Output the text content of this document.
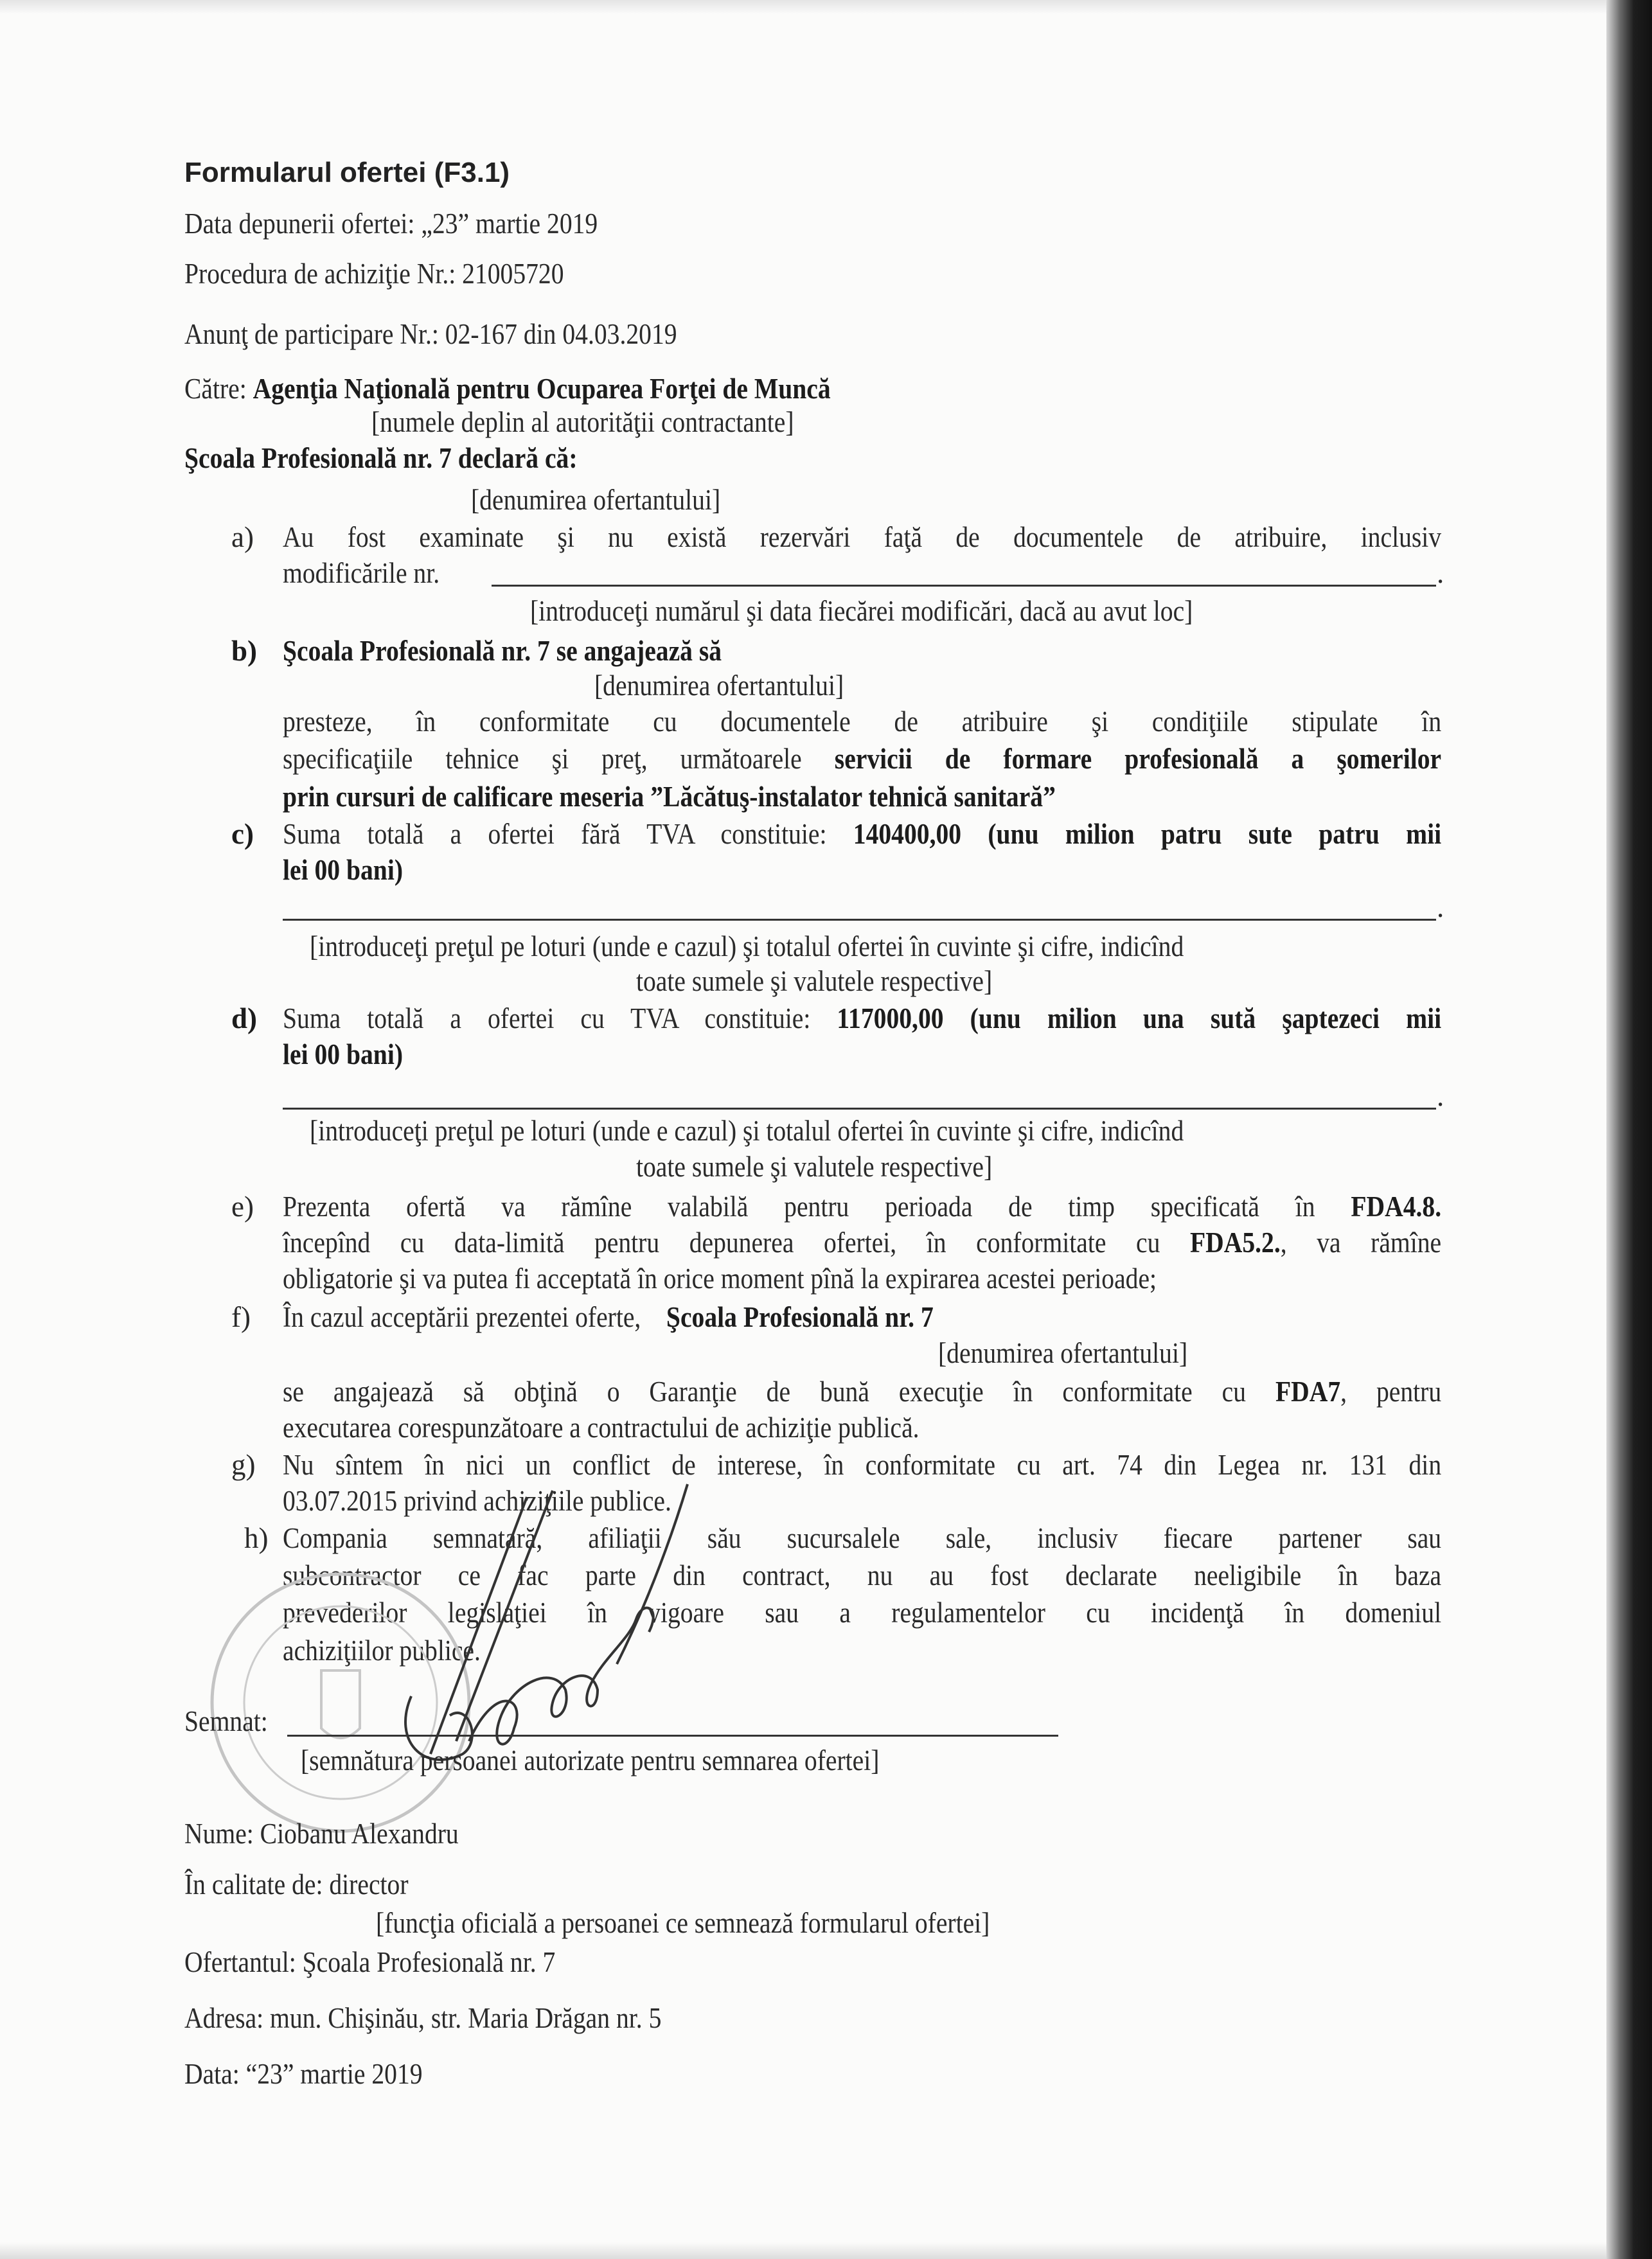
Formularul ofertei (F3.1)
Data depunerii ofertei: „23” martie 2019
Procedura de achiziţie Nr.: 21005720
Anunţ de participare Nr.: 02-167 din 04.03.2019
Către: Agenţia Naţională pentru Ocuparea Forţei de Muncă
[numele deplin al autorităţii contractante]
Şcoala Profesională nr. 7 declară că:
[denumirea ofertantului]
a) Au fost examinate şi nu există rezervări faţă de documentele de atribuire, inclusiv
modificările nr.	.
[introduceţi numărul şi data fiecărei modificări, dacă au avut loc]
b) Şcoala Profesională nr. 7 se angajează să
[denumirea ofertantului]
presteze, în conformitate cu documentele de atribuire şi condiţiile stipulate în
specificaţiile tehnice şi preţ, următoarele servicii de formare profesională a şomerilor
prin cursuri de calificare meseria ”Lăcătuş-instalator tehnică sanitară”
c) Suma totală a ofertei fără TVA constituie: 140400,00 (unu milion patru sute patru mii
lei 00 bani)
.
[introduceţi preţul pe loturi (unde e cazul) şi totalul ofertei în cuvinte şi cifre, indicînd
toate sumele şi valutele respective]
d) Suma totală a ofertei cu TVA constituie: 117000,00 (unu milion una sută şaptezeci mii
lei 00 bani)
.
[introduceţi preţul pe loturi (unde e cazul) şi totalul ofertei în cuvinte şi cifre, indicînd
toate sumele şi valutele respective]
e) Prezenta ofertă va rămîne valabilă pentru perioada de timp specificată în FDA4.8.
începînd cu data-limită pentru depunerea ofertei, în conformitate cu FDA5.2., va rămîne
obligatorie şi va putea fi acceptată în orice moment pînă la expirarea acestei perioade;
f) În cazul acceptării prezentei oferte, Şcoala Profesională nr. 7
[denumirea ofertantului]
se angajează să obţină o Garanţie de bună execuţie în conformitate cu FDA7, pentru
executarea corespunzătoare a contractului de achiziţie publică.
g) Nu sîntem în nici un conflict de interese, în conformitate cu art. 74 din Legea nr. 131 din
03.07.2015 privind achiziţiile publice.
h) Compania semnatară, afiliaţii său sucursalele sale, inclusiv fiecare partener sau
subcontractor ce fac parte din contract, nu au fost declarate neeligibile în baza
prevederilor legislaţiei în vigoare sau a regulamentelor cu incidenţă în domeniul
achiziţiilor publice.
Semnat:
[semnătura persoanei autorizate pentru semnarea ofertei]
Nume: Ciobanu Alexandru
În calitate de: director
[funcţia oficială a persoanei ce semnează formularul ofertei]
Ofertantul: Şcoala Profesională nr. 7
Adresa: mun. Chişinău, str. Maria Drăgan nr. 5
Data: “23” martie 2019
